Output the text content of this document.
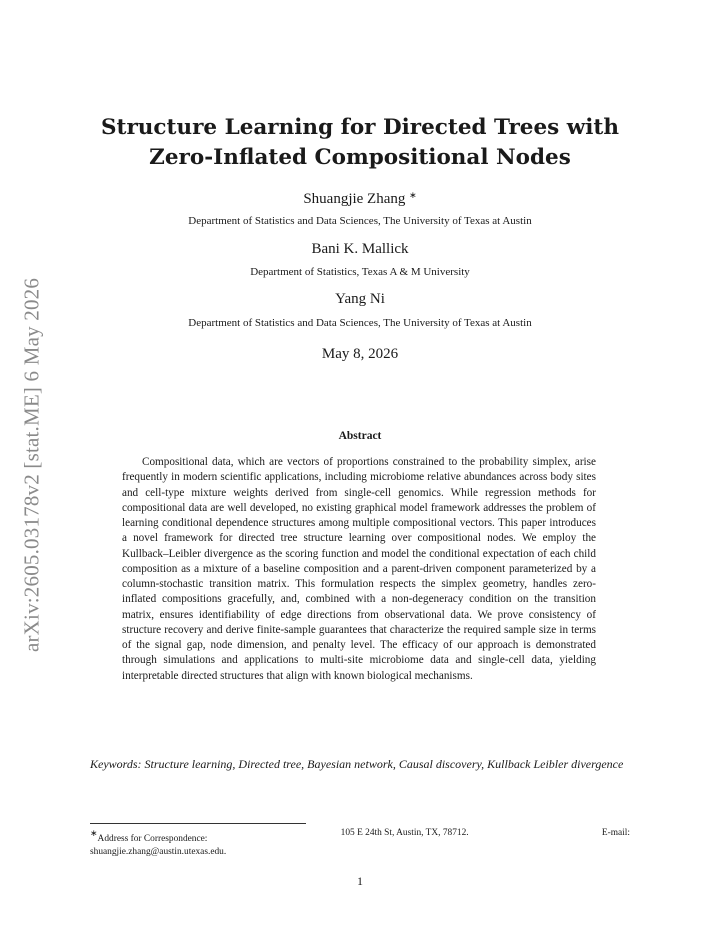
arXiv:2605.03178v2 [stat.ME] 6 May 2026
Structure Learning for Directed Trees with
Zero-Inflated Compositional Nodes
Shuangjie Zhang ∗
Department of Statistics and Data Sciences, The University of Texas at Austin
Bani K. Mallick
Department of Statistics, Texas A & M University
Yang Ni
Department of Statistics and Data Sciences, The University of Texas at Austin
May 8, 2026
Abstract
Compositional data, which are vectors of proportions constrained to the probability simplex, arise frequently in modern scientific applications, including microbiome relative abundances across body sites and cell-type mixture weights derived from single-cell genomics. While regression methods for compositional data are well developed, no existing graphical model framework addresses the problem of learning conditional dependence structures among multiple compositional vectors. This paper introduces a novel framework for directed tree structure learning over compositional nodes. We employ the Kullback–Leibler divergence as the scoring function and model the conditional expectation of each child composition as a mixture of a baseline composition and a parent-driven component parameterized by a column-stochastic transition matrix. This formulation respects the simplex geometry, handles zero-inflated compositions gracefully, and, combined with a non-degeneracy condition on the transition matrix, ensures identifiability of edge directions from observational data. We prove consistency of structure recovery and derive finite-sample guarantees that characterize the required sample size in terms of the signal gap, node dimension, and penalty level. The efficacy of our approach is demonstrated through simulations and applications to multi-site microbiome data and single-cell data, yielding interpretable directed structures that align with known biological mechanisms.
Keywords: Structure learning, Directed tree, Bayesian network, Causal discovery, Kullback Leibler divergence
∗Address for Correspondence:
105 E 24th St, Austin, TX, 78712.	E-mail:
shuangjie.zhang@austin.utexas.edu.
1
